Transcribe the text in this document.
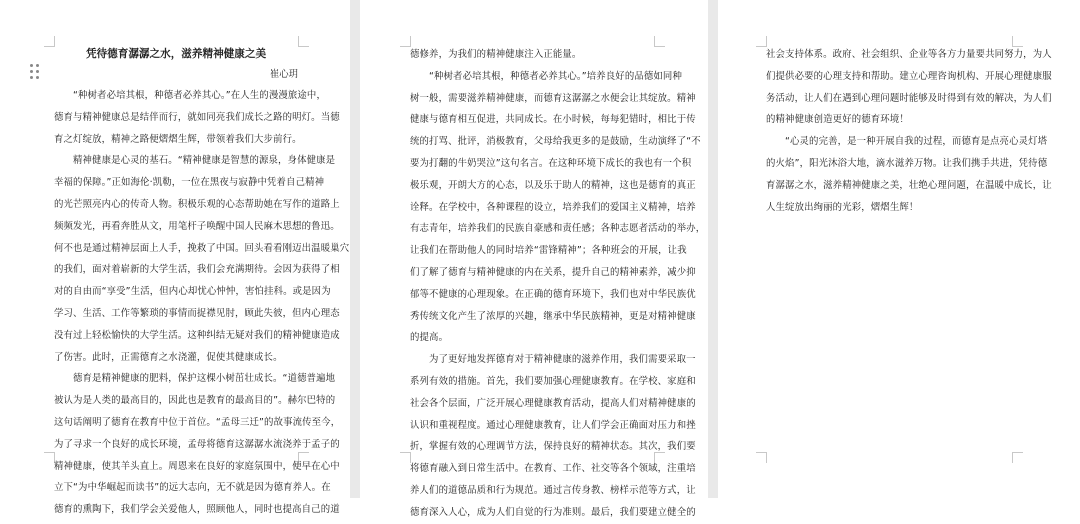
凭待德育潺潺之水，滋养精神健康之美
崔心玥
“种树者必培其根，种德者必养其心。”在人生的漫漫旅途中，
德育与精神健康总是结伴而行，就如同亮我们成长之路的明灯。当德
育之灯绽放，精神之路便熠熠生辉，带领着我们大步前行。
精神健康是心灵的基石。“精神健康是智慧的源泉，身体健康是
幸福的保障。”正如海伦·凯勒，一位在黑夜与寂静中凭着自己精神
的光芒照亮内心的传奇人物。积极乐观的心态帮助她在写作的道路上
频频发光，再看奔胜从文，用笔杆子唤醒中国人民麻木思想的鲁迅。
何不也是通过精神层面上人手，挽救了中国。回头看看刚迈出温暖巢穴
的我们，面对着崭新的大学生活，我们会充满期待。会因为获得了相
对的自由而“享受”生活，但内心却忧心忡忡，害怕挂科。或是因为
学习、生活、工作等繁琐的事情而捉襟见肘，顾此失彼，但内心理态
没有过上轻松愉快的大学生活。这种纠结无疑对我们的精神健康造成
了伤害。此时，正需德育之水浇灌，促使其健康成长。
德育是精神健康的肥料，保护这棵小树茁壮成长。“道德普遍地
被认为是人类的最高目的，因此也是教育的最高目的”。赫尔巴特的
这句话阐明了德育在教育中位于首位。“孟母三迁”的故事流传至今，
为了寻求一个良好的成长环境，孟母将德育这潺潺水流浇养于孟子的
精神健康，使其羊头直上。周恩来在良好的家庭氛围中，便早在心中
立下“为中华崛起而读书”的远大志向，无不就是因为德育养人。在
德育的熏陶下，我们学会关爱他人，照顾他人，同时也提高自己的道
德修养，为我们的精神健康注入正能量。
“种树者必培其根，种德者必养其心。”培养良好的品德如同种
树一般，需要滋养精神健康，而德育这潺潺之水便会让其绽放。精神
健康与德育相互促进，共同成长。在小时候，每每犯错时，相比于传
统的打骂、批评，消极教育，父母给我更多的是鼓励，生动演绎了“不
要为打翻的牛奶哭泣”这句名言。在这种环境下成长的我也有一个积
极乐观，开朗大方的心态，以及乐于助人的精神，这也是德育的真正
诠释。在学校中，各种课程的设立，培养我们的爱国主义精神，培养
有志青年，培养我们的民族自豪感和责任感；各种志愿者活动的举办，
让我们在帮助他人的同时培养“雷锋精神”；各种班会的开展，让我
们了解了德育与精神健康的内在关系，提升自己的精神素养，减少抑
郁等不健康的心理现象。在正确的德育环境下，我们也对中华民族优
秀传统文化产生了浓厚的兴趣，继承中华民族精神，更是对精神健康
的提高。
为了更好地发挥德育对于精神健康的滋养作用，我们需要采取一
系列有效的措施。首先，我们要加强心理健康教育。在学校、家庭和
社会各个层面，广泛开展心理健康教育活动，提高人们对精神健康的
认识和重视程度。通过心理健康教育，让人们学会正确面对压力和挫
折，掌握有效的心理调节方法，保持良好的精神状态。其次，我们要
将德育融入到日常生活中。在教育、工作、社交等各个领域，注重培
养人们的道德品质和行为规范。通过言传身教、榜样示范等方式，让
德育深入人心，成为人们自觉的行为准则。最后，我们要建立健全的
社会支持体系。政府、社会组织、企业等各方力量要共同努力，为人
们提供必要的心理支持和帮助。建立心理咨询机构、开展心理健康服
务活动，让人们在遇到心理问题时能够及时得到有效的解决，为人们
的精神健康创造更好的德育环境！
“心灵的完善，是一种开展自我的过程，而德育是点亮心灵灯塔
的火焰”，阳光沐浴大地，滴水滋养万物。让我们携手共进，凭待德
育潺潺之水，滋养精神健康之美，壮绝心理问题，在温暖中成长，让
人生绽放出绚丽的光彩，熠熠生辉！
